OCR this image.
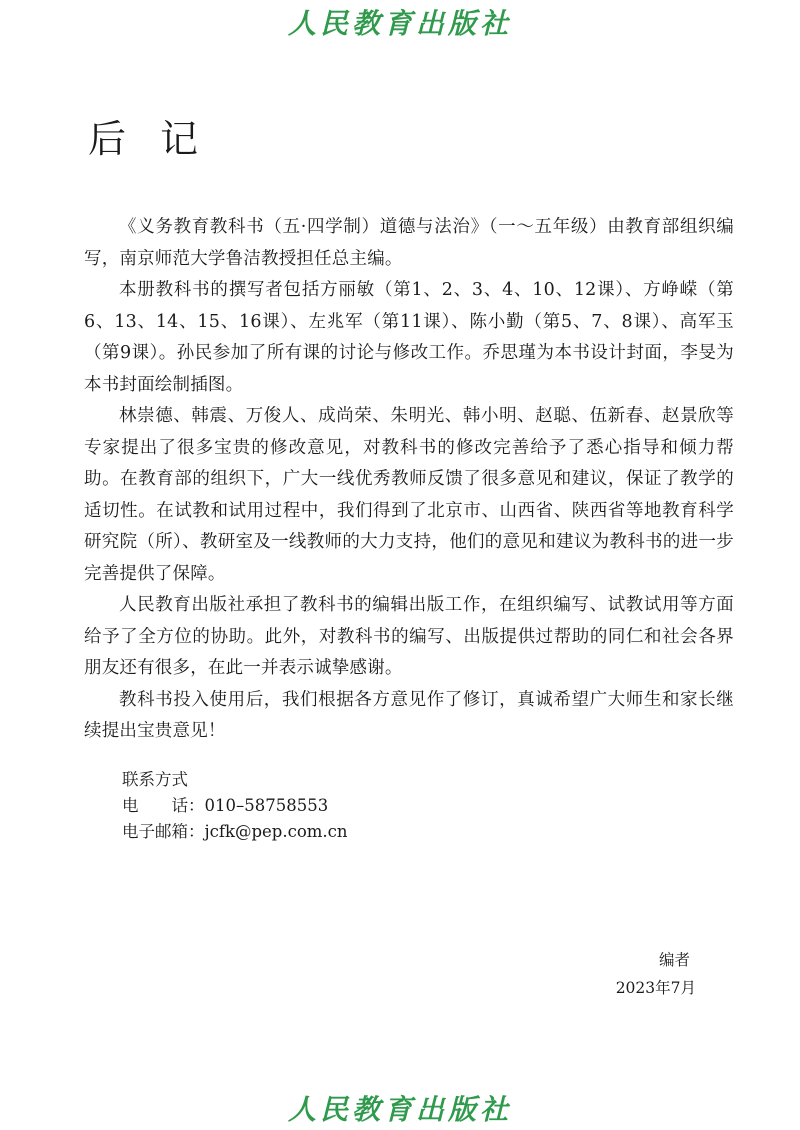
人民教育出版社
后记

《义务教育教科书（五·四学制）道德与法治》（一～五年级）由教育部组织编写，南京师范大学鲁洁教授担任总主编。

本册教科书的撰写者包括方丽敏（第1、2、3、4、10、12课）、方峥嵘（第6、13、14、15、16课）、左兆军（第11课）、陈小勤（第5、7、8课）、高军玉（第9课）。孙民参加了所有课的讨论与修改工作。乔思瑾为本书设计封面，李旻为本书封面绘制插图。

林崇德、韩震、万俊人、成尚荣、朱明光、韩小明、赵聪、伍新春、赵景欣等专家提出了很多宝贵的修改意见，对教科书的修改完善给予了悉心指导和倾力帮助。在教育部的组织下，广大一线优秀教师反馈了很多意见和建议，保证了教学的适切性。在试教和试用过程中，我们得到了北京市、山西省、陕西省等地教育科学研究院（所）、教研室及一线教师的大力支持，他们的意见和建议为教科书的进一步完善提供了保障。

人民教育出版社承担了教科书的编辑出版工作，在组织编写、试教试用等方面给予了全方位的协助。此外，对教科书的编写、出版提供过帮助的同仁和社会各界朋友还有很多，在此一并表示诚挚感谢。

教科书投入使用后，我们根据各方意见作了修订，真诚希望广大师生和家长继续提出宝贵意见！

联系方式
电　　话：010–58758553
电子邮箱：jcfk@pep.com.cn
编者
2023年7月
人民教育出版社
